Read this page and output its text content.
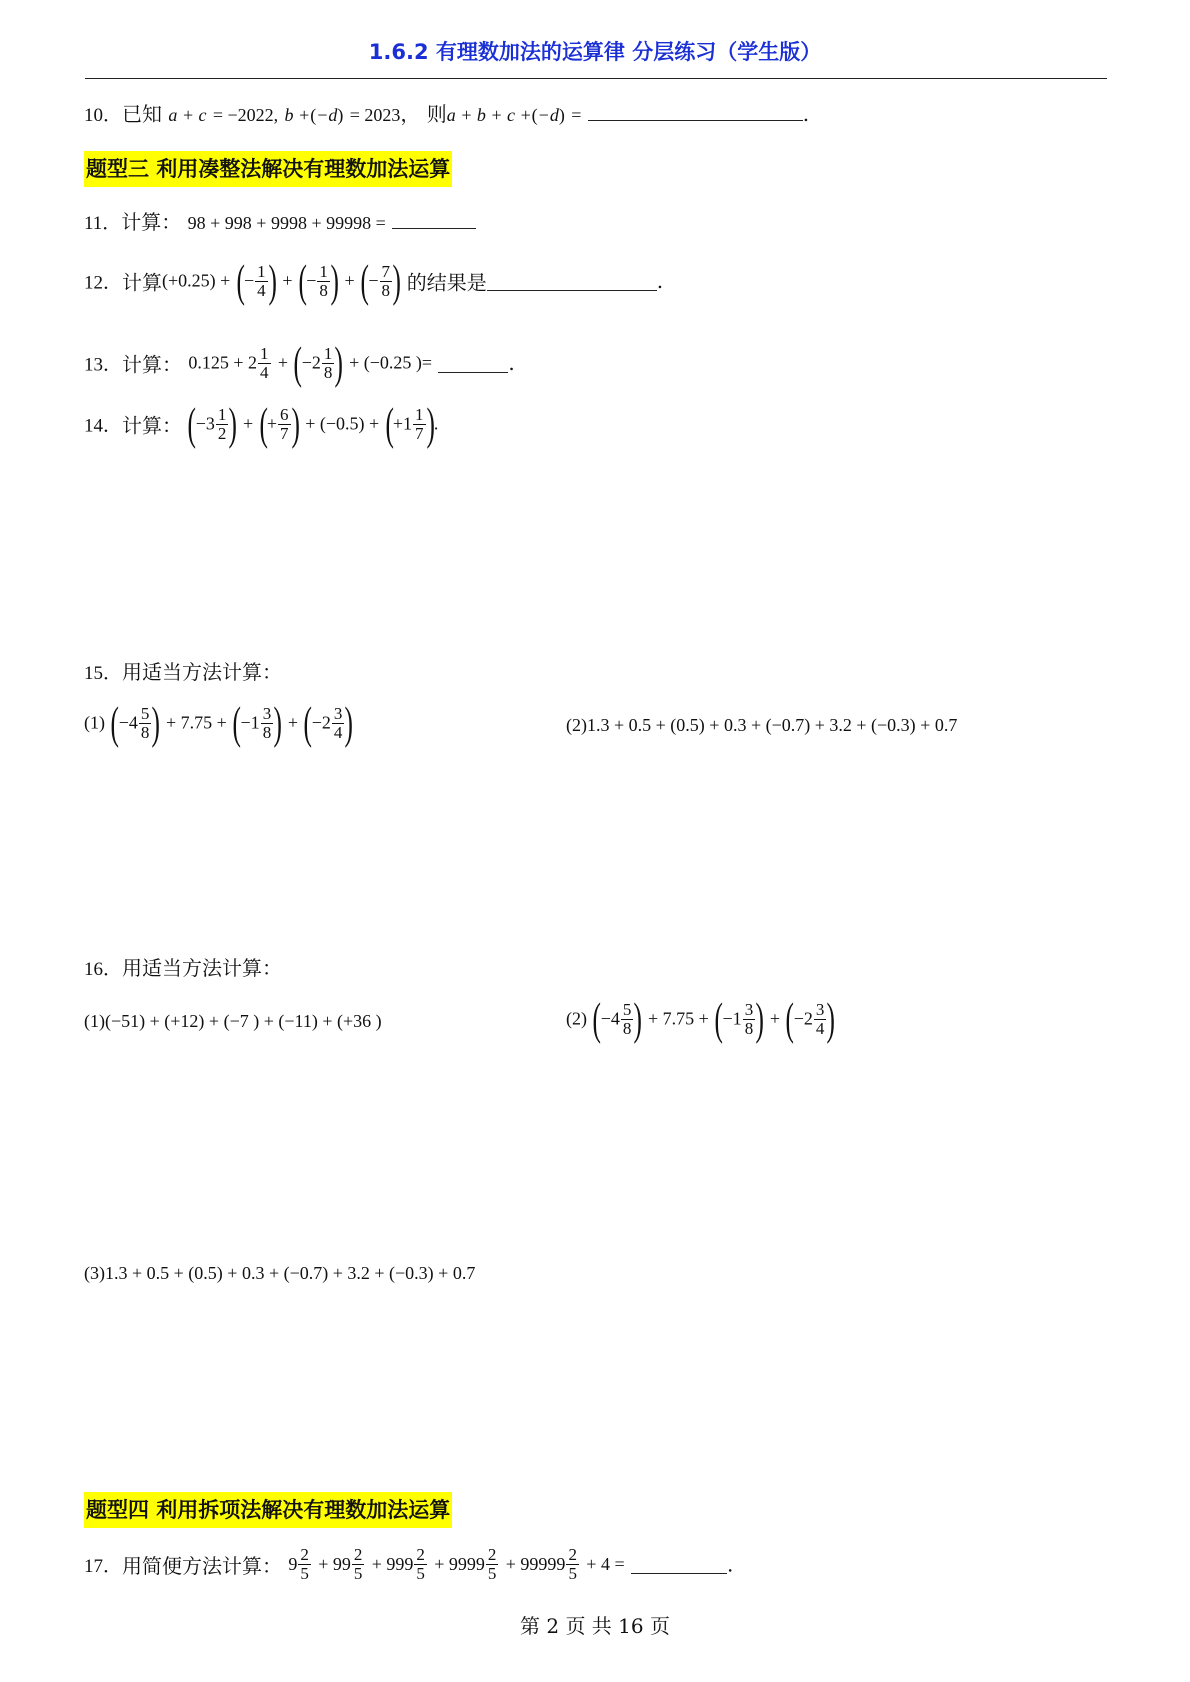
1.6.2 有理数加法的运算律 分层练习（学生版）
10．已知 a + c = −2022, b +(−d) = 2023， 则a + b + c +(−d) =	.
题型三 利用凑整法解决有理数加法运算
11．计算： 98 + 998 + 9998 + 99998 =
12．计算(+0.25) + (− $\frac{1}{4}$ ) + (− $\frac{1}{8}$ ) + (− $\frac{7}{8}$ ) 的结果是	.
13．计算： $0.125 + 2 \frac{1}{4} + (-2 \frac{1}{8}$ ) + (−0.25 )=	.
14．计算： ($-3 \frac{1}{2}$ ) + (+ $\frac{6}{7}$ ) + $(-0.5) + (+1 \frac{1}{7}$ ).
15．用适当方法计算：
(1) ($-4 \frac{5}{8}$ ) + $7.75 + (-1 \frac{3}{8}$ ) + ($-2 \frac{3}{4}$ )	(2)1.3 + 0.5 + (0.5) + 0.3 + (−0.7) + 3.2 + (−0.3) + 0.7
16．用适当方法计算：
(1)(−51) + (+12) + (−7 ) + (−11) + (+36 )	(2) ($-4 \frac{5}{8}$ ) + $7.75 + (-1 \frac{3}{8}$ ) + ($-2 \frac{3}{4}$ )
(3)1.3 + 0.5 + (0.5) + 0.3 + (−0.7) + 3.2 + (−0.3) + 0.7
题型四 利用拆项法解决有理数加法运算
17．用简便方法计算： $9 \frac{2}{5} + 99 \frac{2}{5} + 999 \frac{2}{5} + 9999 \frac{2}{5} + 99999 \frac{2}{5} + 4$ =	.
第 2 页 共 16 页
